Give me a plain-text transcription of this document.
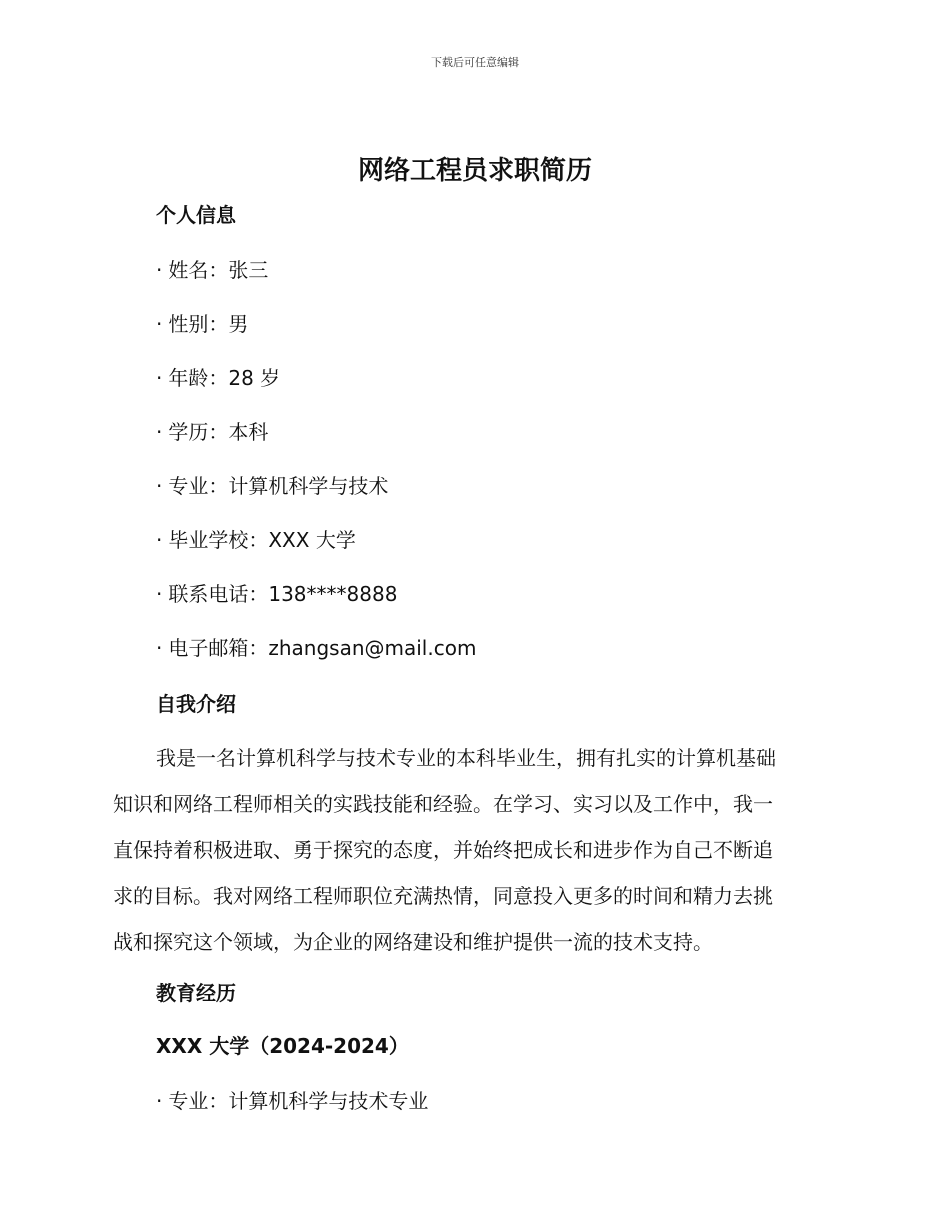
下载后可任意编辑
网络工程员求职简历
个人信息
· 姓名：张三
· 性别：男
· 年龄：28 岁
· 学历：本科
· 专业：计算机科学与技术
· 毕业学校：XXX 大学
· 联系电话：138****8888
· 电子邮箱：zhangsan@mail.com
自我介绍
我是一名计算机科学与技术专业的本科毕业生，拥有扎实的计算机基础
知识和网络工程师相关的实践技能和经验。在学习、实习以及工作中，我一
直保持着积极进取、勇于探究的态度，并始终把成长和进步作为自己不断追
求的目标。我对网络工程师职位充满热情，同意投入更多的时间和精力去挑
战和探究这个领域，为企业的网络建设和维护提供一流的技术支持。
教育经历
XXX 大学（2024-2024）
· 专业：计算机科学与技术专业
